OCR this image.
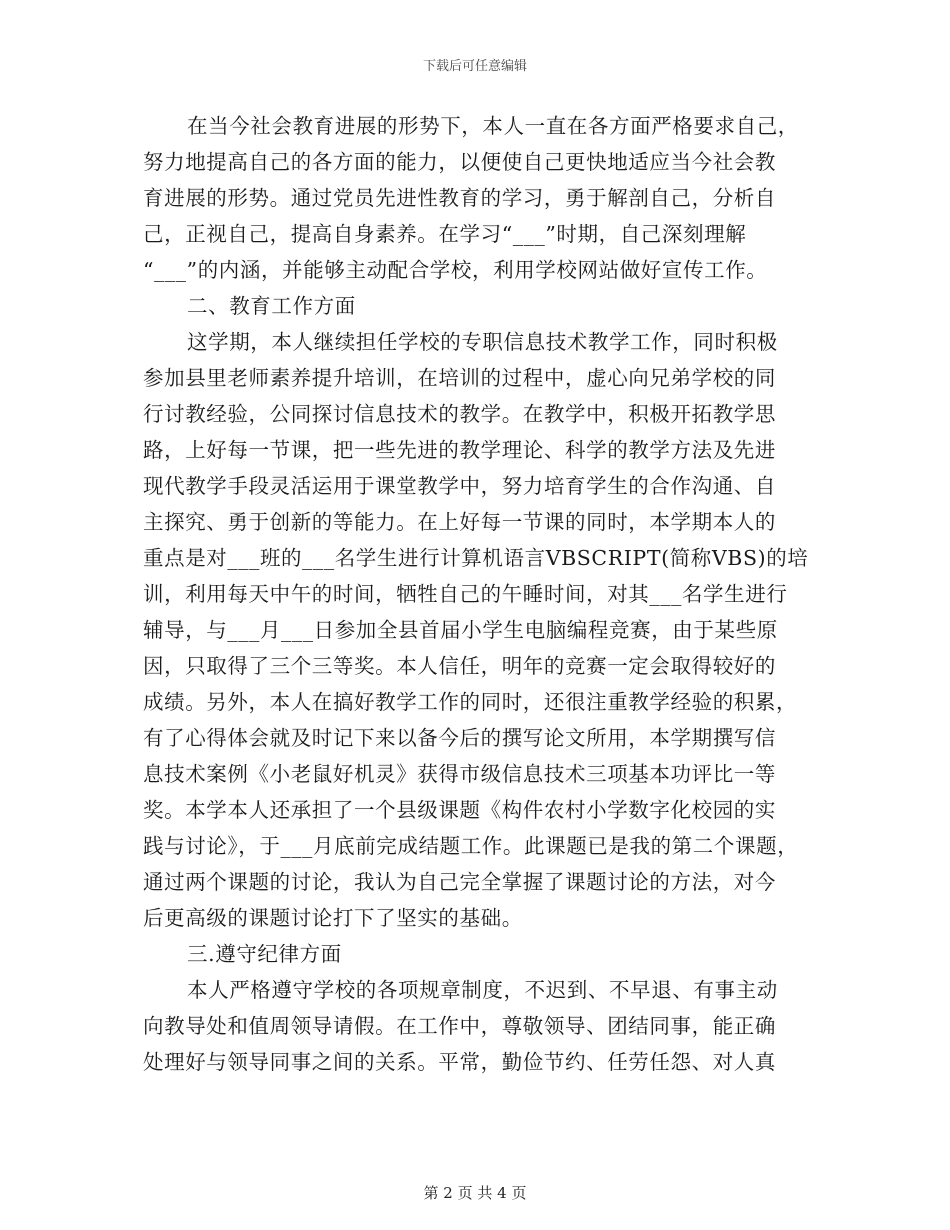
下载后可任意编辑
在当今社会教育进展的形势下，本人一直在各方面严格要求自己，
努力地提高自己的各方面的能力，以便使自己更快地适应当今社会教
育进展的形势。通过党员先进性教育的学习，勇于解剖自己，分析自
己，正视自己，提高自身素养。在学习“___”时期，自己深刻理解
“___”的内涵，并能够主动配合学校，利用学校网站做好宣传工作。
二、教育工作方面
这学期，本人继续担任学校的专职信息技术教学工作，同时积极
参加县里老师素养提升培训，在培训的过程中，虚心向兄弟学校的同
行讨教经验，公同探讨信息技术的教学。在教学中，积极开拓教学思
路，上好每一节课，把一些先进的教学理论、科学的教学方法及先进
现代教学手段灵活运用于课堂教学中，努力培育学生的合作沟通、自
主探究、勇于创新的等能力。在上好每一节课的同时，本学期本人的
重点是对___班的___名学生进行计算机语言VBSCRIPT(简称VBS)的培
训，利用每天中午的时间，牺牲自己的午睡时间，对其___名学生进行
辅导，与___月___日参加全县首届小学生电脑编程竞赛，由于某些原
因，只取得了三个三等奖。本人信任，明年的竞赛一定会取得较好的
成绩。另外，本人在搞好教学工作的同时，还很注重教学经验的积累，
有了心得体会就及时记下来以备今后的撰写论文所用，本学期撰写信
息技术案例《小老鼠好机灵》获得市级信息技术三项基本功评比一等
奖。本学本人还承担了一个县级课题《构件农村小学数字化校园的实
践与讨论》，于___月底前完成结题工作。此课题已是我的第二个课题，
通过两个课题的讨论，我认为自己完全掌握了课题讨论的方法，对今
后更高级的课题讨论打下了坚实的基础。
三.遵守纪律方面
本人严格遵守学校的各项规章制度，不迟到、不早退、有事主动
向教导处和值周领导请假。在工作中，尊敬领导、团结同事，能正确
处理好与领导同事之间的关系。平常，勤俭节约、任劳任怨、对人真
第 2 页 共 4 页
